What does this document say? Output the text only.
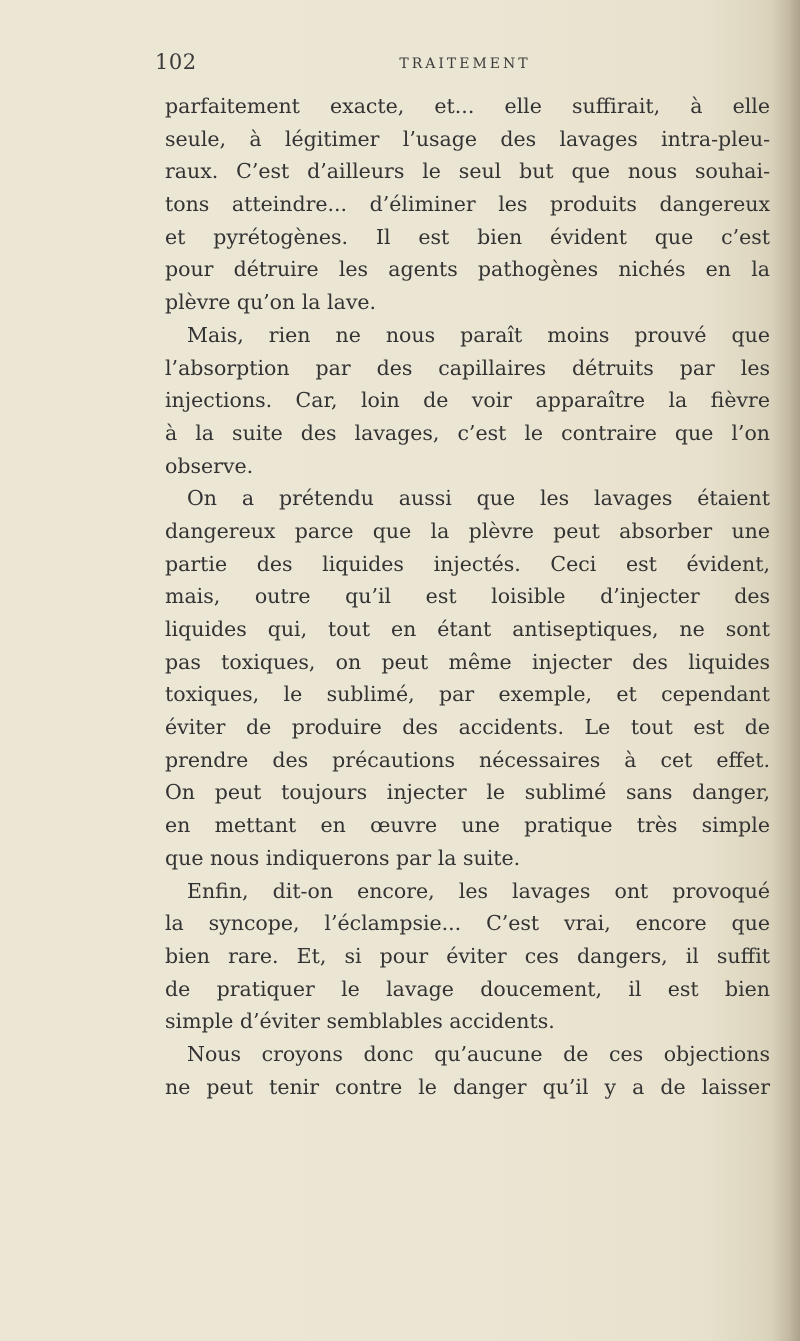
102	TRAITEMENT
parfaitement exacte, et... elle suffirait, à elle
seule, à légitimer l’usage des lavages intra-pleu-
raux. C’est d’ailleurs le seul but que nous souhai-
tons atteindre... d’éliminer les produits dangereux
et pyrétogènes. Il est bien évident que c’est
pour détruire les agents pathogènes nichés en la
plèvre qu’on la lave.
Mais, rien ne nous paraît moins prouvé que
l’absorption par des capillaires détruits par les
injections. Car, loin de voir apparaître la fièvre
à la suite des lavages, c’est le contraire que l’on
observe.
On a prétendu aussi que les lavages étaient
dangereux parce que la plèvre peut absorber une
partie des liquides injectés. Ceci est évident,
mais, outre qu’il est loisible d’injecter des
liquides qui, tout en étant antiseptiques, ne sont
pas toxiques, on peut même injecter des liquides
toxiques, le sublimé, par exemple, et cependant
éviter de produire des accidents. Le tout est de
prendre des précautions nécessaires à cet effet.
On peut toujours injecter le sublimé sans danger,
en mettant en œuvre une pratique très simple
que nous indiquerons par la suite.
Enfin, dit-on encore, les lavages ont provoqué
la syncope, l’éclampsie... C’est vrai, encore que
bien rare. Et, si pour éviter ces dangers, il suffit
de pratiquer le lavage doucement, il est bien
simple d’éviter semblables accidents.
Nous croyons donc qu’aucune de ces objections
ne peut tenir contre le danger qu’il y a de laisser
